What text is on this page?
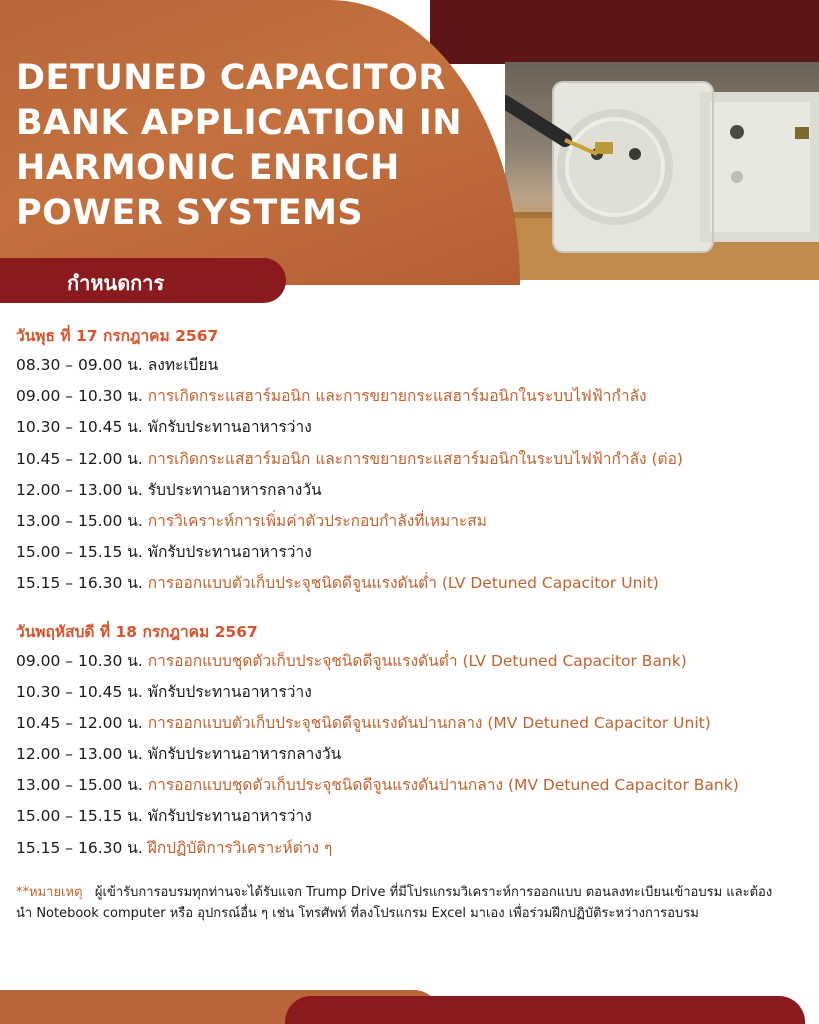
DETUNED CAPACITOR
BANK APPLICATION IN
HARMONIC ENRICH
POWER SYSTEMS
กำหนดการ
วันพุธ ที่ 17 กรกฎาคม 2567
08.30 – 09.00 น. ลงทะเบียน
09.00 – 10.30 น. การเกิดกระแสฮาร์มอนิก และการขยายกระแสฮาร์มอนิกในระบบไฟฟ้ากำลัง
10.30 – 10.45 น. พักรับประทานอาหารว่าง
10.45 – 12.00 น. การเกิดกระแสฮาร์มอนิก และการขยายกระแสฮาร์มอนิกในระบบไฟฟ้ากำลัง (ต่อ)
12.00 – 13.00 น. รับประทานอาหารกลางวัน
13.00 – 15.00 น. การวิเคราะห์การเพิ่มค่าตัวประกอบกำลังที่เหมาะสม
15.00 – 15.15 น. พักรับประทานอาหารว่าง
15.15 – 16.30 น. การออกแบบตัวเก็บประจุชนิดดีจูนแรงดันต่ำ (LV Detuned Capacitor Unit)
วันพฤหัสบดี ที่ 18 กรกฎาคม 2567
09.00 – 10.30 น. การออกแบบชุดตัวเก็บประจุชนิดดีจูนแรงดันต่ำ (LV Detuned Capacitor Bank)
10.30 – 10.45 น. พักรับประทานอาหารว่าง
10.45 – 12.00 น. การออกแบบตัวเก็บประจุชนิดดีจูนแรงดันปานกลาง (MV Detuned Capacitor Unit)
12.00 – 13.00 น. พักรับประทานอาหารกลางวัน
13.00 – 15.00 น. การออกแบบชุดตัวเก็บประจุชนิดดีจูนแรงดันปานกลาง (MV Detuned Capacitor Bank)
15.00 – 15.15 น. พักรับประทานอาหารว่าง
15.15 – 16.30 น. ฝึกปฏิบัติการวิเคราะห์ต่าง ๆ

**หมายเหตุ ผู้เข้ารับการอบรมทุกท่านจะได้รับแจก Trump Drive ที่มีโปรแกรมวิเคราะห์การออกแบบ ตอนลงทะเบียนเข้าอบรม และต้องนำ Notebook computer หรือ อุปกรณ์อื่น ๆ เช่น โทรศัพท์ ที่ลงโปรแกรม Excel มาเอง เพื่อร่วมฝึกปฏิบัติระหว่างการอบรม
